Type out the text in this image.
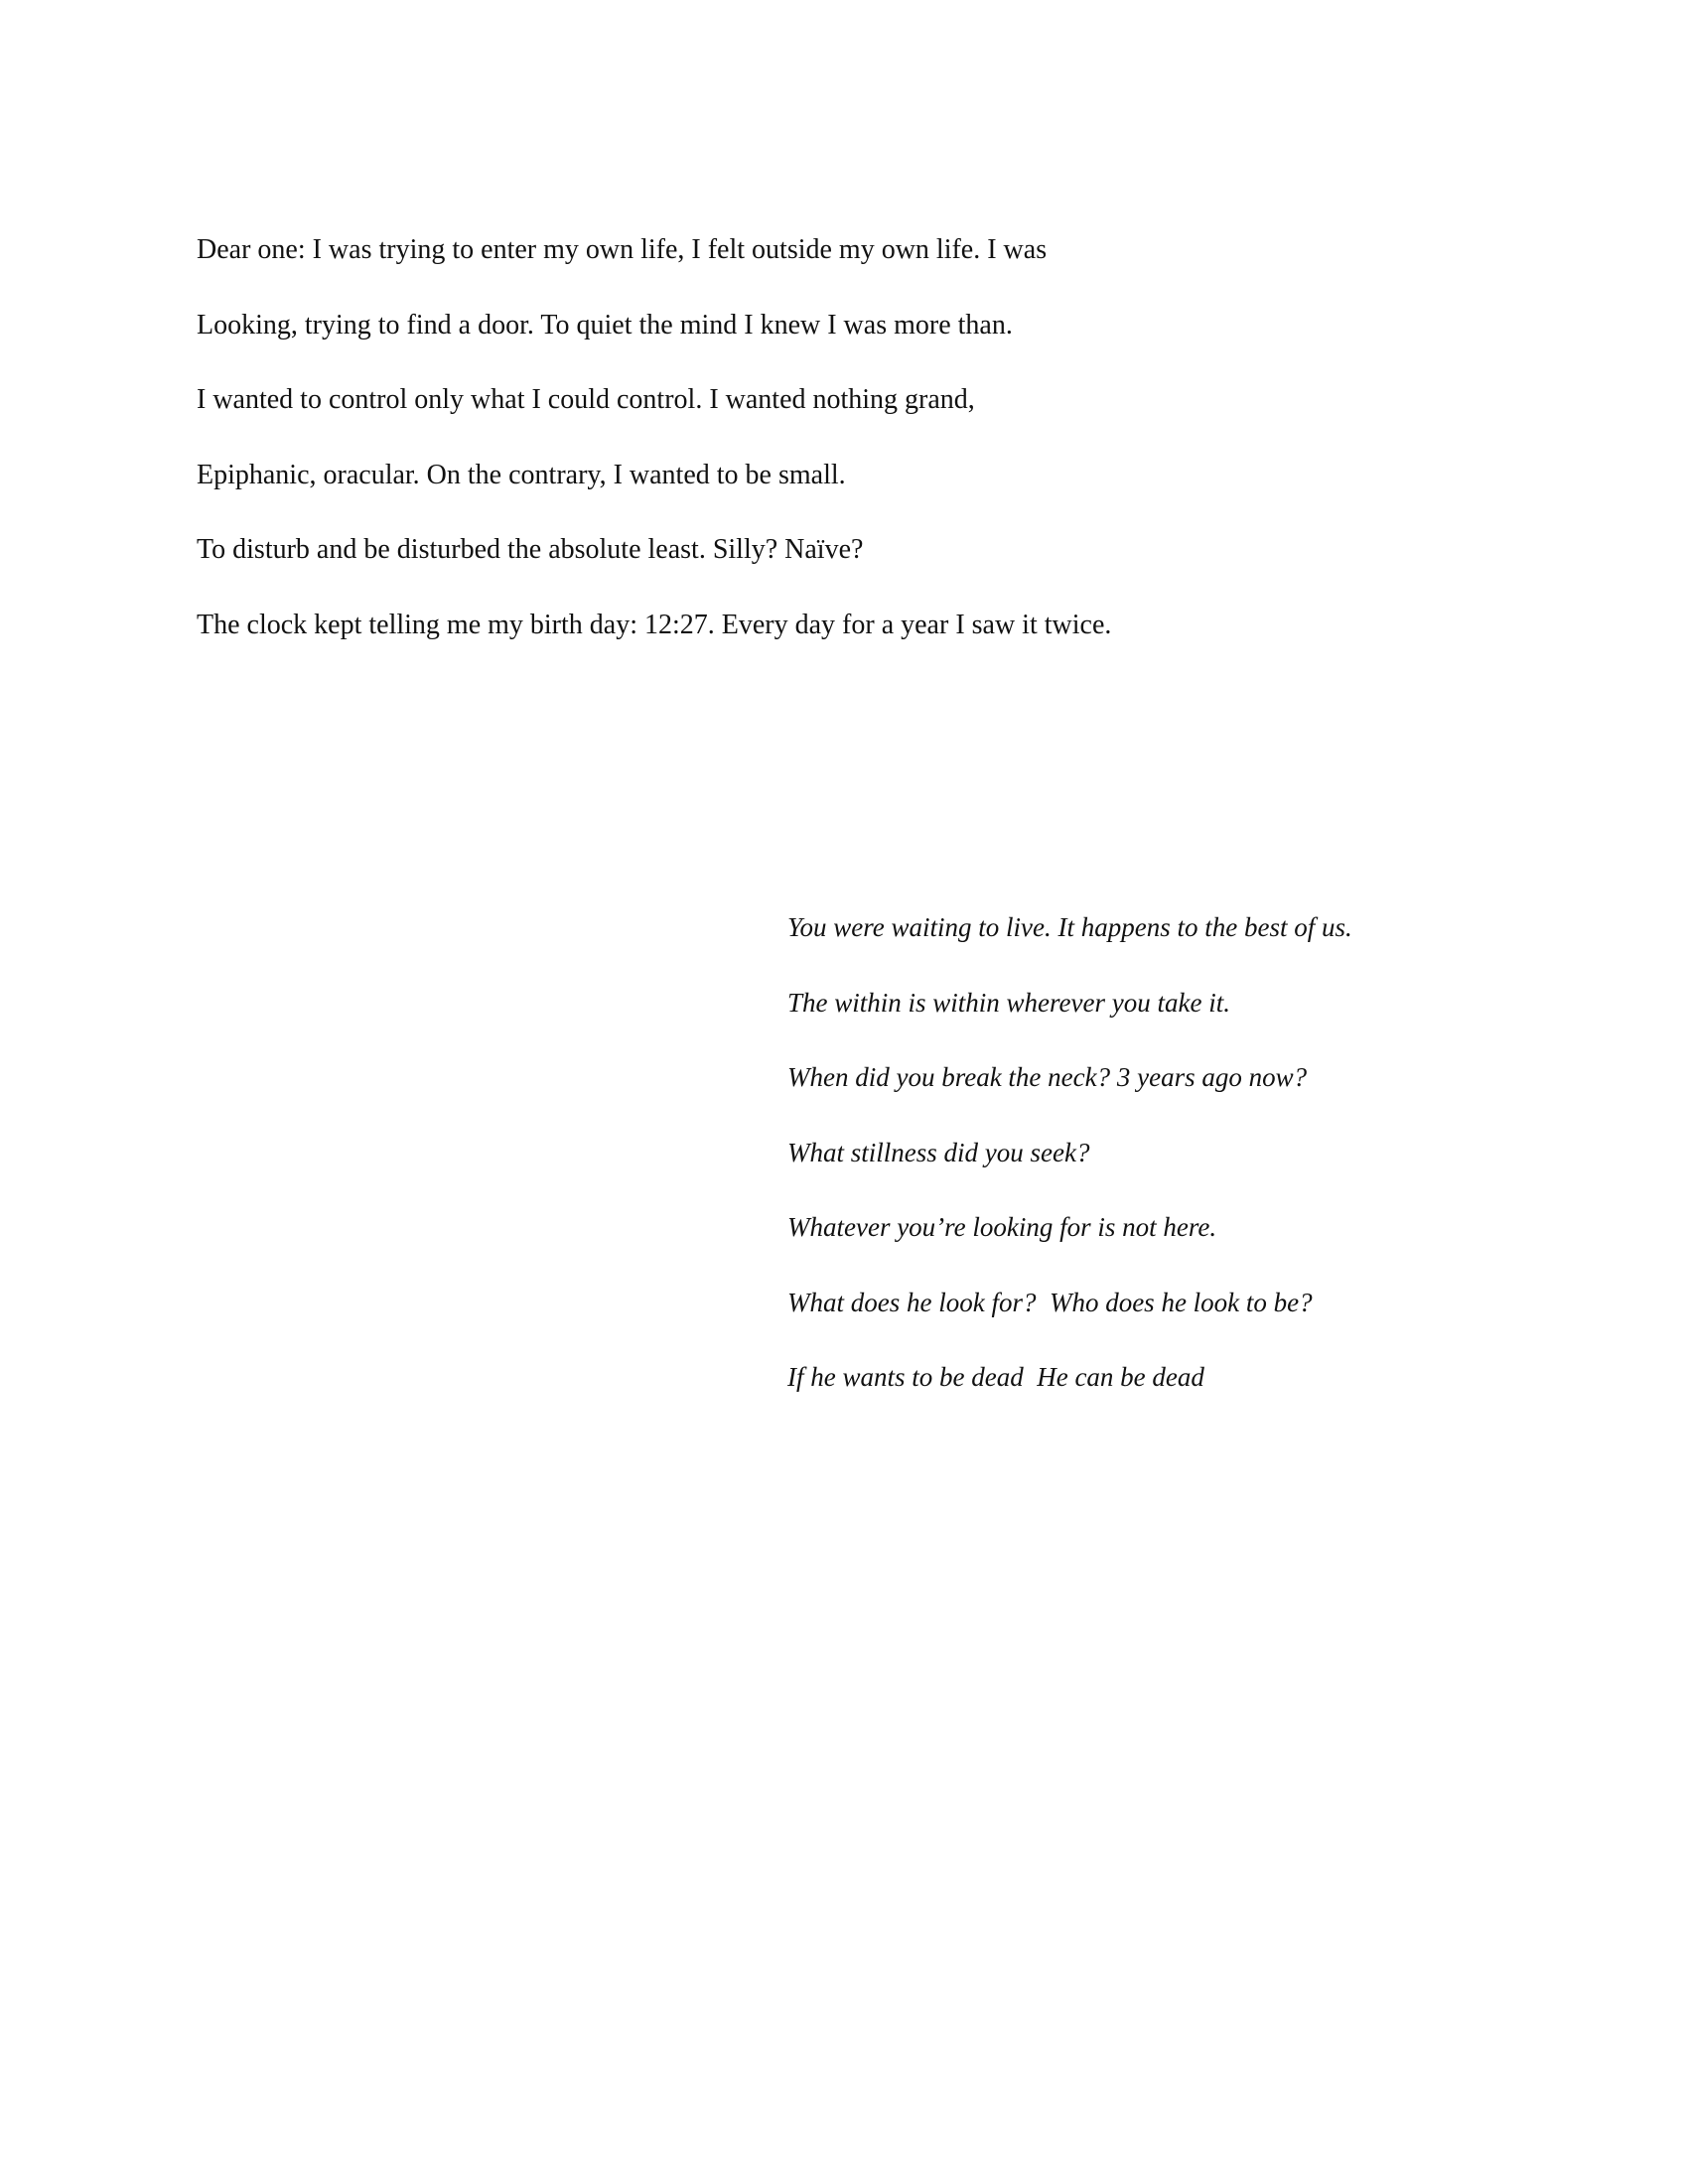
Dear one: I was trying to enter my own life, I felt outside my own life. I was
Looking, trying to find a door. To quiet the mind I knew I was more than.
I wanted to control only what I could control. I wanted nothing grand,
Epiphanic, oracular. On the contrary, I wanted to be small.
To disturb and be disturbed the absolute least. Silly? Naïve?
The clock kept telling me my birth day: 12:27. Every day for a year I saw it twice.
You were waiting to live. It happens to the best of us.
The within is within wherever you take it.
When did you break the neck? 3 years ago now?
What stillness did you seek?
Whatever you’re looking for is not here.
What does he look for?  Who does he look to be?
If he wants to be dead  He can be dead
